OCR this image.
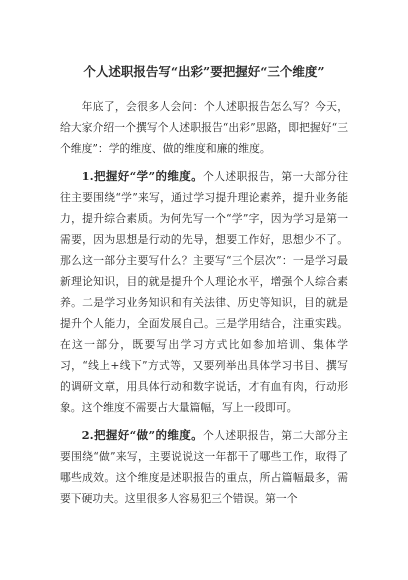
个人述职报告写“出彩”要把握好“三个维度”

年底了，会很多人会问：个人述职报告怎么写？今天，给大家介绍一个撰写个人述职报告“出彩”思路，即把握好“三个维度”：学的维度、做的维度和廉的维度。

1.把握好“学”的维度。个人述职报告，第一大部分往往主要围绕“学”来写，通过学习提升理论素养，提升业务能力，提升综合素质。为何先写一个“学”字，因为学习是第一需要，因为思想是行动的先导，想要工作好，思想少不了。那么这一部分主要写什么？主要写“三个层次”：一是学习最新理论知识，目的就是提升个人理论水平，增强个人综合素养。二是学习业务知识和有关法律、历史等知识，目的就是提升个人能力，全面发展自己。三是学用结合，注重实践。在这一部分，既要写出学习方式比如参加培训、集体学习，“线上+线下”方式等，又要列举出具体学习书目、撰写的调研文章，用具体行动和数字说话，才有血有肉，行动形象。这个维度不需要占大量篇幅，写上一段即可。

2.把握好“做”的维度。个人述职报告，第二大部分主要围绕“做”来写，主要说说这一年都干了哪些工作，取得了哪些成效。这个维度是述职报告的重点，所占篇幅最多，需要下硬功夫。这里很多人容易犯三个错误。第一个
